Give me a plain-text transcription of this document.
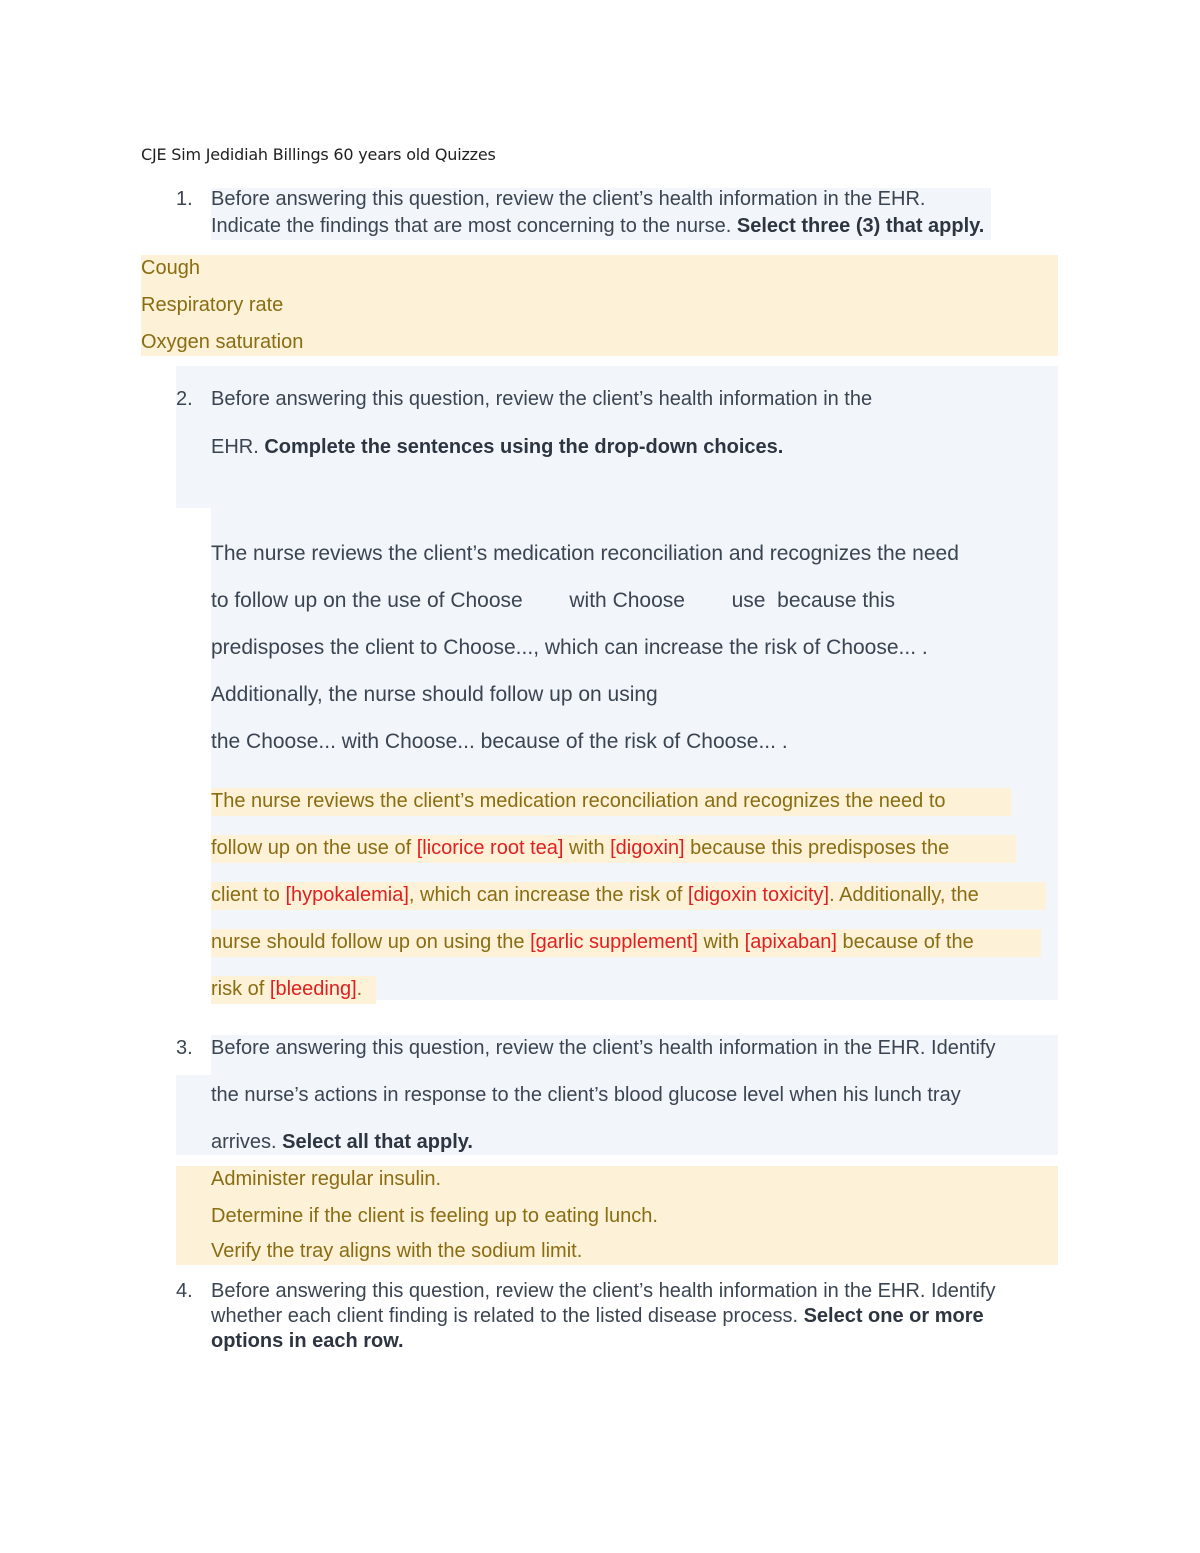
CJE Sim Jedidiah Billings 60 years old Quizzes
1. Before answering this question, review the client’s health information in the EHR.
Indicate the findings that are most concerning to the nurse. Select three (3) that apply.
Cough
Respiratory rate
Oxygen saturation
2. Before answering this question, review the client’s health information in the
EHR. Complete the sentences using the drop-down choices.
The nurse reviews the client’s medication reconciliation and recognizes the need
to follow up on the use of Choose        with Choose        use  because this
predisposes the client to Choose..., which can increase the risk of Choose... .
Additionally, the nurse should follow up on using
the Choose... with Choose... because of the risk of Choose... .
The nurse reviews the client’s medication reconciliation and recognizes the need to
follow up on the use of [licorice root tea] with [digoxin] because this predisposes the
client to [hypokalemia], which can increase the risk of [digoxin toxicity]. Additionally, the
nurse should follow up on using the [garlic supplement] with [apixaban] because of the
risk of [bleeding].
3. Before answering this question, review the client’s health information in the EHR. Identify
the nurse’s actions in response to the client’s blood glucose level when his lunch tray
arrives. Select all that apply.
Administer regular insulin.
Determine if the client is feeling up to eating lunch.
Verify the tray aligns with the sodium limit.
4. Before answering this question, review the client’s health information in the EHR. Identify
whether each client finding is related to the listed disease process. Select one or more
options in each row.
